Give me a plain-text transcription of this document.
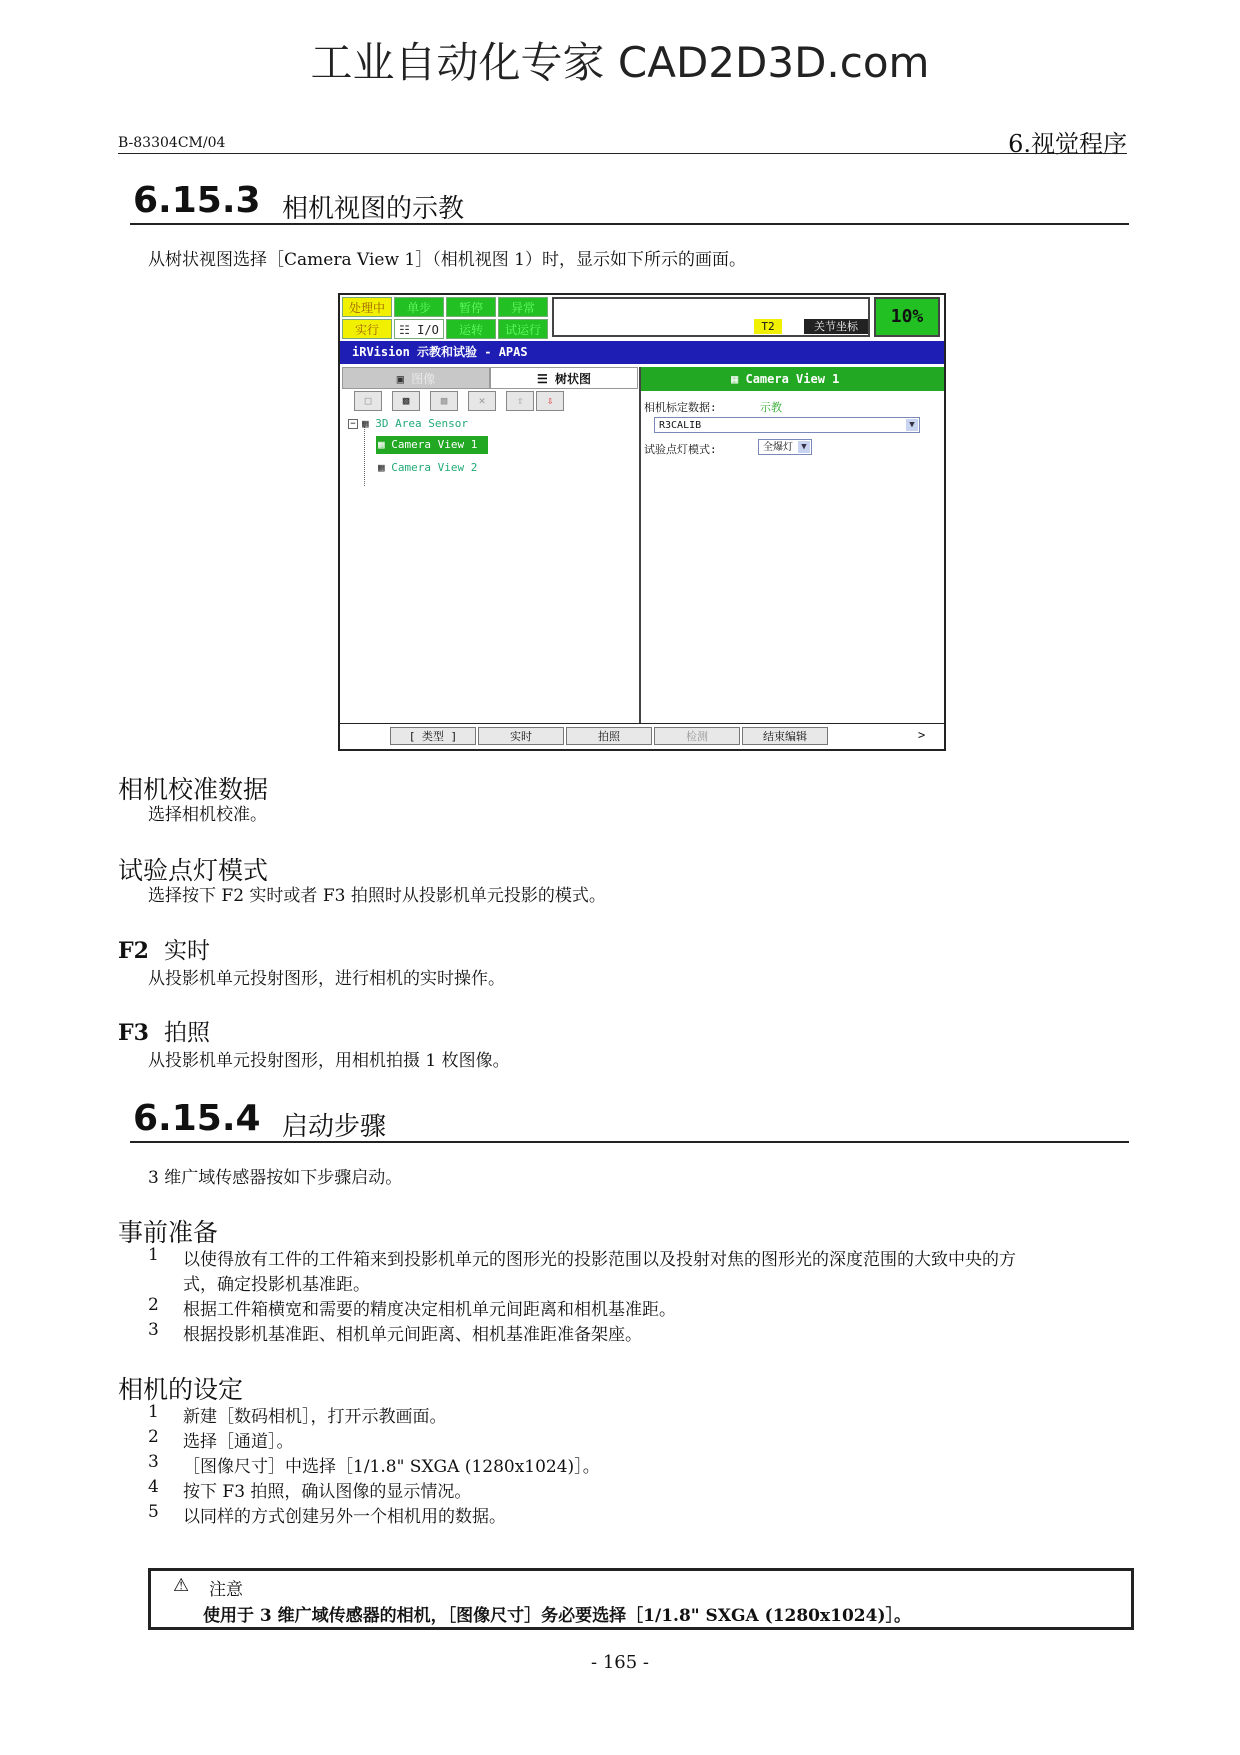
工业自动化专家 CAD2D3D.com
B-83304CM/04	6.视觉程序
6.15.3 相机视图的示教
从树状视图选择［Camera View 1］（相机视图 1）时，显示如下所示的画面。
处理中	单步	暂停	异常
实行	☷ I/O	运转	试运行	T2	关节坐标	10%
iRVision 示教和试验 - APAS
▣ 图像	☰ 树状图
□	▩	▩	✕	⇧	⇩
− ▦ 3D Area Sensor
▦ Camera View 1
▦ Camera View 2
▦ Camera View 1
相机标定数据:	示教
R3CALIB	▼
试验点灯模式:	全爆灯 ▼
[ 类型 ]	实时	拍照	检测	结束编辑	>
相机校准数据
选择相机校准。
试验点灯模式
选择按下 F2 实时或者 F3 拍照时从投影机单元投影的模式。
F2 实时
从投影机单元投射图形，进行相机的实时操作。
F3 拍照
从投影机单元投射图形，用相机拍摄 1 枚图像。
6.15.4 启动步骤
3 维广域传感器按如下步骤启动。
事前准备
1 以使得放有工件的工件箱来到投影机单元的图形光的投影范围以及投射对焦的图形光的深度范围的大致中央的方
式，确定投影机基准距。
2 根据工件箱横宽和需要的精度决定相机单元间距离和相机基准距。
3 根据投影机基准距、相机单元间距离、相机基准距准备架座。
相机的设定
1 新建［数码相机］，打开示教画面。
2 选择［通道］。
3 ［图像尺寸］中选择［1/1.8" SXGA (1280x1024)］。
4 按下 F3 拍照，确认图像的显示情况。
5 以同样的方式创建另外一个相机用的数据。
⚠ 注意
使用于 3 维广域传感器的相机，［图像尺寸］务必要选择［1/1.8" SXGA (1280x1024)］。
- 165 -
